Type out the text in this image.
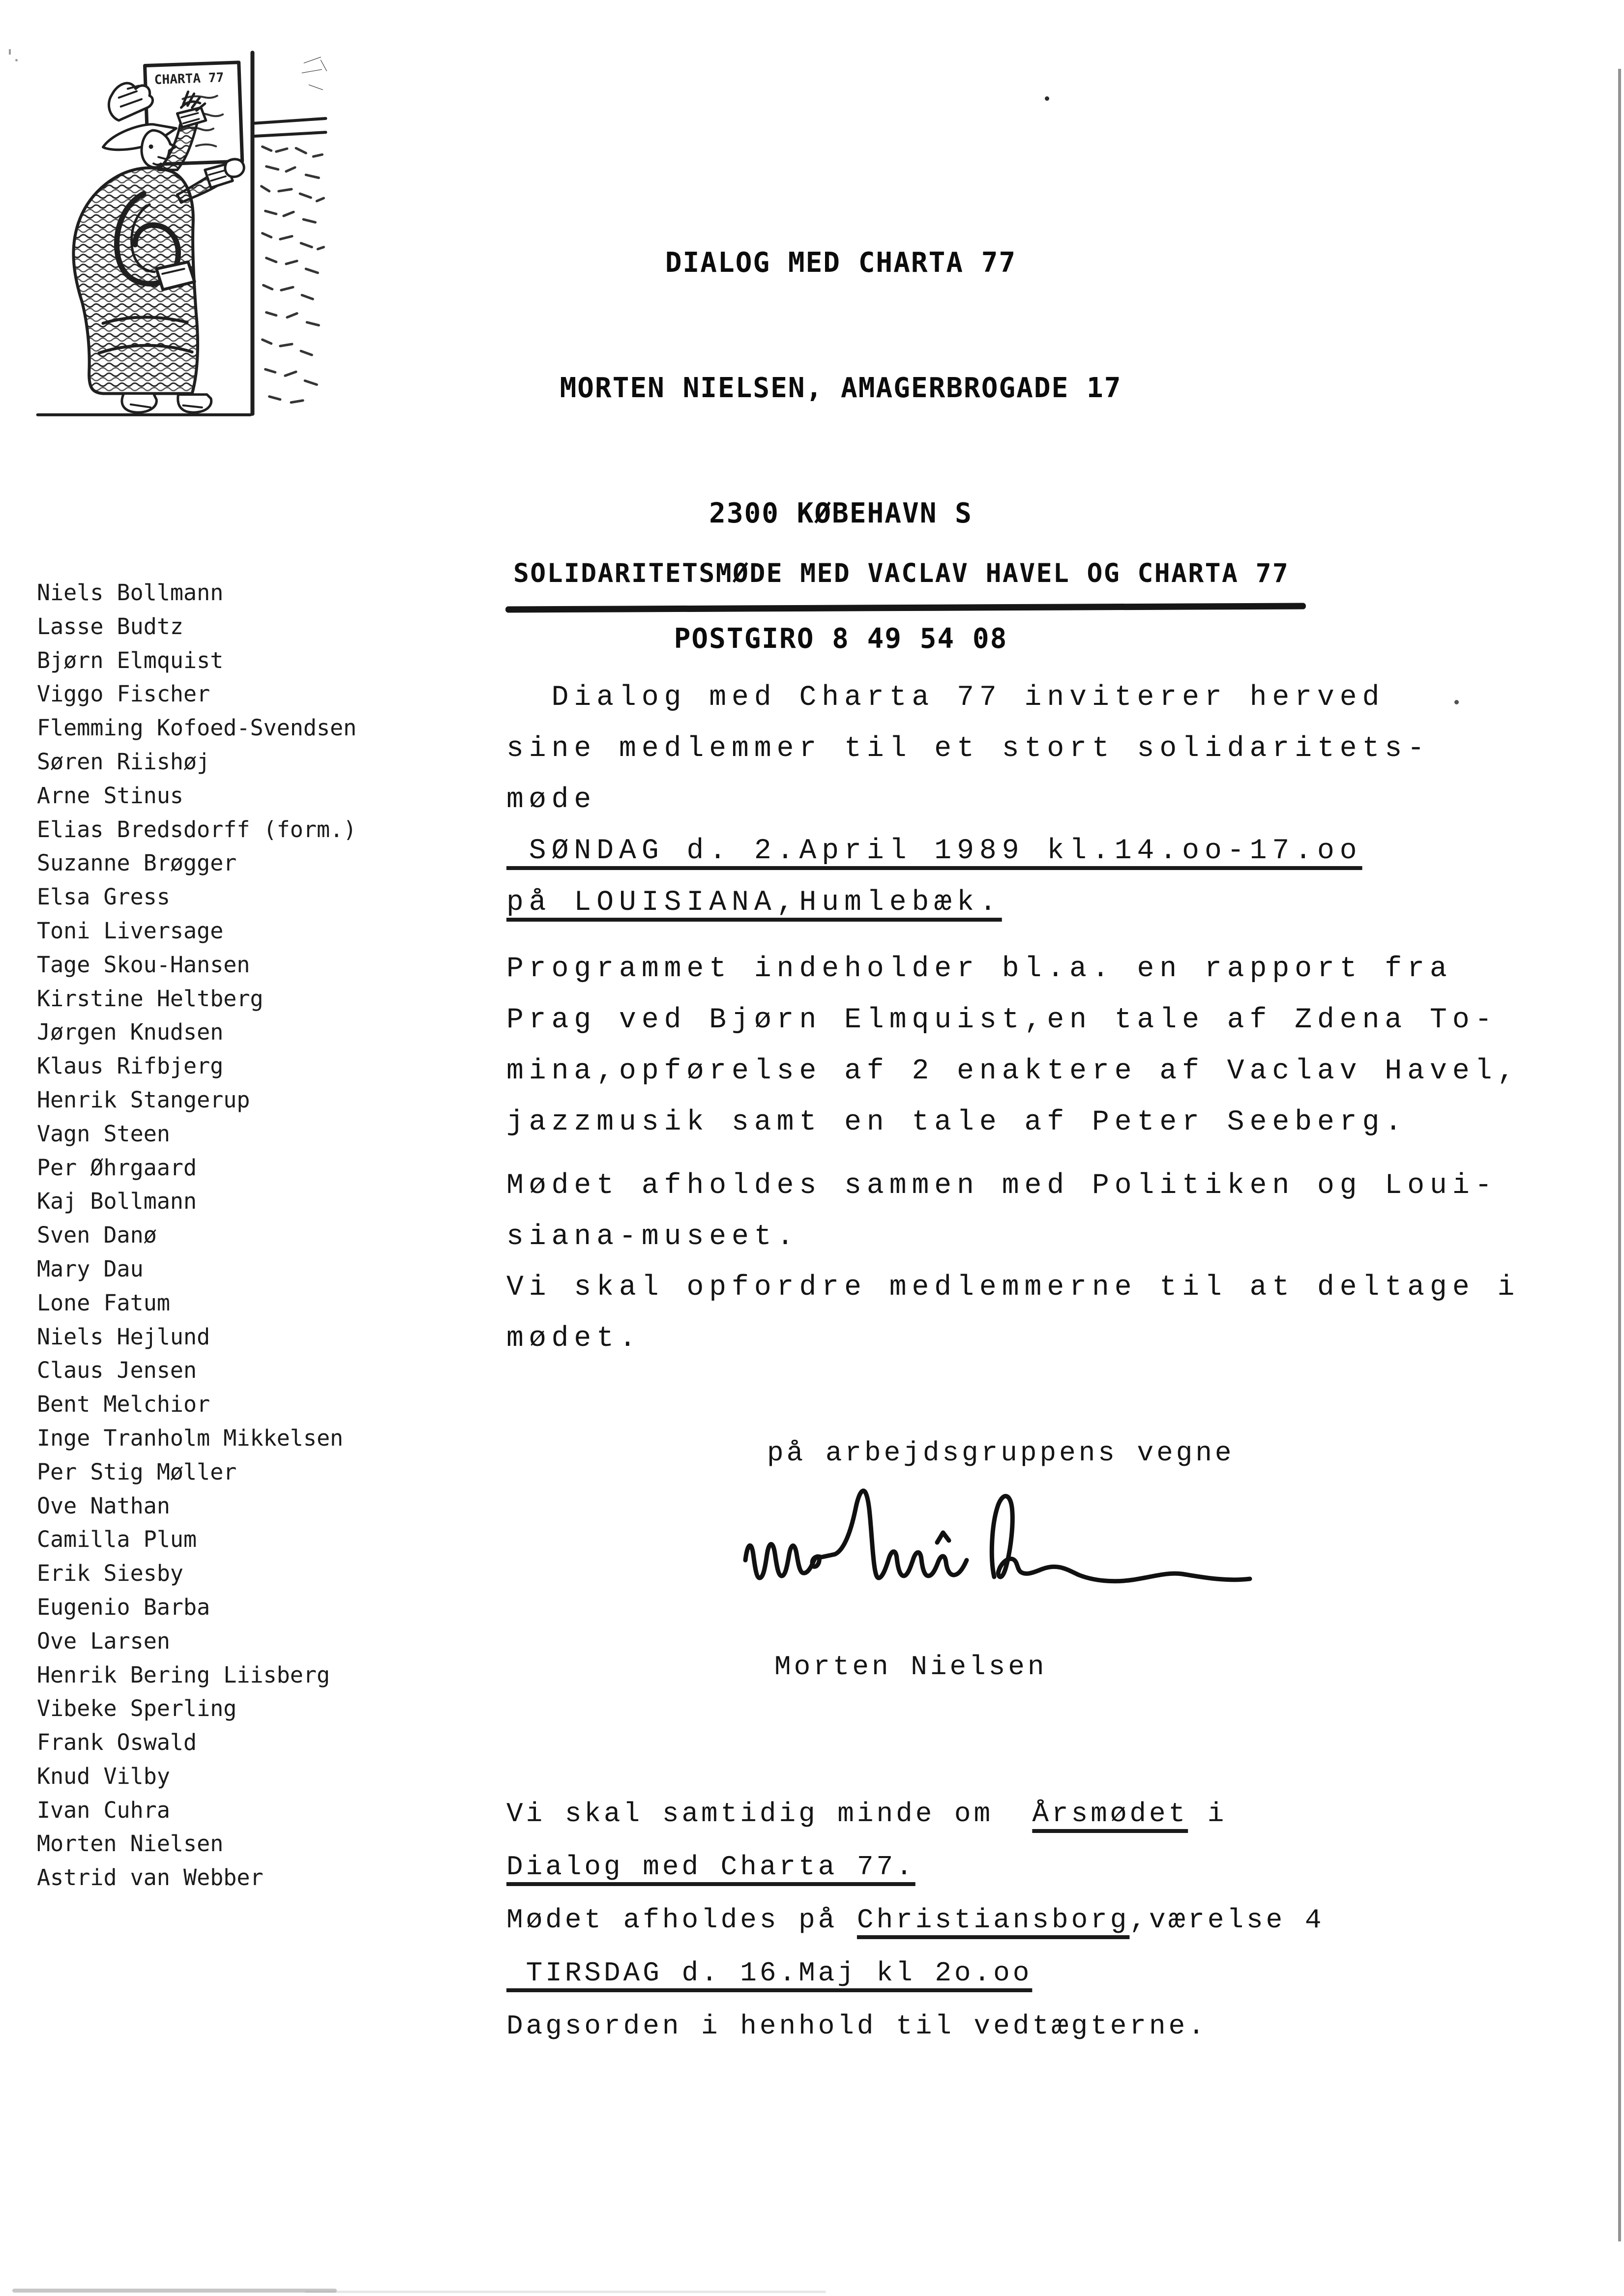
CHARTA 77

DIALOG MED CHARTA 77

MORTEN NIELSEN, AMAGERBROGADE 17

2300 KØBEHAVN S

POSTGIRO 8 49 54 08

Niels Bollmann
Lasse Budtz
Bjørn Elmquist
Viggo Fischer
Flemming Kofoed-Svendsen
Søren Riishøj
Arne Stinus
Elias Bredsdorff (form.)
Suzanne Brøgger
Elsa Gress
Toni Liversage
Tage Skou-Hansen
Kirstine Heltberg
Jørgen Knudsen
Klaus Rifbjerg
Henrik Stangerup
Vagn Steen
Per Øhrgaard
Kaj Bollmann
Sven Danø
Mary Dau
Lone Fatum
Niels Hejlund
Claus Jensen
Bent Melchior
Inge Tranholm Mikkelsen
Per Stig Møller
Ove Nathan
Camilla Plum
Erik Siesby
Eugenio Barba
Ove Larsen
Henrik Bering Liisberg
Vibeke Sperling
Frank Oswald
Knud Vilby
Ivan Cuhra
Morten Nielsen
Astrid van Webber
SOLIDARITETSMØDE MED VACLAV HAVEL OG CHARTA 77
Dialog med Charta 77 inviterer herved
sine medlemmer til et stort solidaritets-
møde
SØNDAG d. 2.April 1989 kl.14.oo-17.oo
på LOUISIANA,Humlebæk.
Programmet indeholder bl.a. en rapport fra
Prag ved Bjørn Elmquist,en tale af Zdena To-
mina,opførelse af 2 enaktere af Vaclav Havel,
jazzmusik samt en tale af Peter Seeberg.
Mødet afholdes sammen med Politiken og Loui-
siana-museet.
Vi skal opfordre medlemmerne til at deltage i
mødet.
på arbejdsgruppens vegne
Morten Nielsen
Vi skal samtidig minde om  Årsmødet i
Dialog med Charta 77.
Mødet afholdes på Christiansborg,værelse 4
TIRSDAG d. 16.Maj kl 2o.oo
Dagsorden i henhold til vedtægterne.
